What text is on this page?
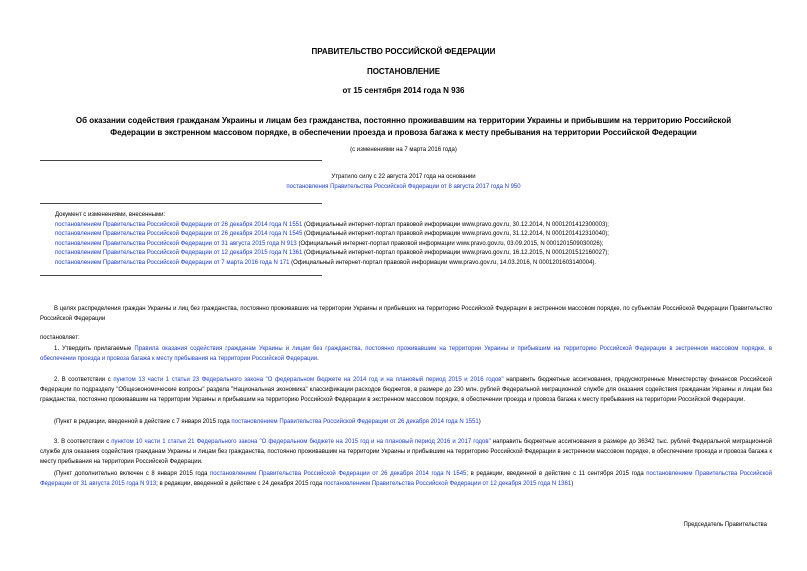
ПРАВИТЕЛЬСТВО РОССИЙСКОЙ ФЕДЕРАЦИИ
ПОСТАНОВЛЕНИЕ
от 15 сентября 2014 года N 936
Об оказании содействия гражданам Украины и лицам без гражданства, постоянно проживавшим на территории Украины и прибывшим на территорию Российской
Федерации в экстренном массовом порядке, в обеспечении проезда и провоза багажа к месту пребывания на территории Российской Федерации
(с изменениями на 7 марта 2016 года)
Утратило силу с 22 августа 2017 года на основании
постановления Правительства Российской Федерации от 8 августа 2017 года N 950
Документ с изменениями, внесенными:
постановлением Правительства Российской Федерации от 26 декабря 2014 года N 1551 (Официальный интернет-портал правовой информации www.pravo.gov.ru, 30.12.2014, N 0001201412300003);
постановлением Правительства Российской Федерации от 26 декабря 2014 года N 1545 (Официальный интернет-портал правовой информации www.pravo.gov.ru, 31.12.2014, N 0001201412310040);
постановлением Правительства Российской Федерации от 31 августа 2015 года N 913 (Официальный интернет-портал правовой информации www.pravo.gov.ru, 03.09.2015, N 0001201509030026);
постановлением Правительства Российской Федерации от 12 декабря 2015 года N 1361 (Официальный интернет-портал правовой информации www.pravo.gov.ru, 16.12.2015, N 0001201512160027);
постановлением Правительства Российской Федерации от 7 марта 2016 года N 171 (Официальный интернет-портал правовой информации www.pravo.gov.ru, 14.03.2016, N 0001201603140004).
В целях распределения граждан Украины и лиц без гражданства, постоянно проживавших на территории Украины и прибывших на территорию Российской Федерации в экстренном массовом порядке, по субъектам Российской Федерации Правительство Российской Федерации
постановляет:
1. Утвердить прилагаемые Правила оказания содействия гражданам Украины и лицам без гражданства, постоянно проживавшим на территории Украины и прибывшим на территорию Российской Федерации в экстренном массовом порядке, в обеспечении проезда и провоза багажа к месту пребывания на территории Российской Федерации.
2. В соответствии с пунктом 13 части 1 статьи 23 Федерального закона "О федеральном бюджете на 2014 год и на плановый период 2015 и 2016 годов" направить бюджетные ассигнования, предусмотренные Министерству финансов Российской Федерации по подразделу "Общеэкономические вопросы" раздела "Национальная экономика" классификации расходов бюджетов, в размере до 230 млн. рублей Федеральной миграционной службе для оказания содействия гражданам Украины и лицам без гражданства, постоянно проживавшим на территории Украины и прибывшим на территорию Российской Федерации в экстренном массовом порядке, в обеспечении проезда и провоза багажа к месту пребывания на территории Российской Федерации.
(Пункт в редакции, введенной в действие с 7 января 2015 года постановлением Правительства Российской Федерации от 26 декабря 2014 года N 1551)
3. В соответствии с пунктом 10 части 1 статьи 21 Федерального закона "О федеральном бюджете на 2015 год и на плановый период 2016 и 2017 годов" направить бюджетные ассигнования в размере до 36342 тыс. рублей Федеральной миграционной службе для оказания содействия гражданам Украины и лицам без гражданства, постоянно проживавшим на территории Украины и прибывшим на территорию Российской Федерации в экстренном массовом порядке, в обеспечении проезда и провоза багажа к месту пребывания на территории Российской Федерации.
(Пункт дополнительно включен с 8 января 2015 года постановлением Правительства Российской Федерации от 26 декабря 2014 года N 1545; в редакции, введенной в действие с 11 сентября 2015 года постановлением Правительства Российской Федерации от 31 августа 2015 года N 913; в редакции, введенной в действие с 24 декабря 2015 года постановлением Правительства Российской Федерации от 12 декабря 2015 года N 1361)
Председатель Правительства
